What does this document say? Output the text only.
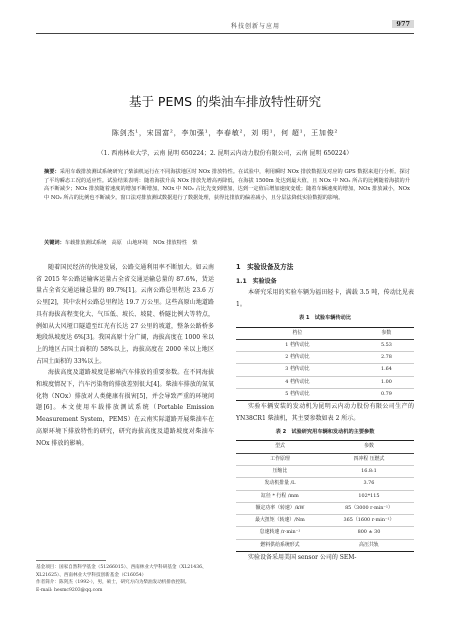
科技创新与应用	977
基于 PEMS 的柴油车排放特性研究
陈剑杰¹，宋国富²，李加强¹，李春敏²，刘 明¹，何 超¹，王加俊²
（1. 西南林业大学，云南 昆明 650224；2. 昆明云内动力股份有限公司，云南 昆明 650224）
摘要：采用车载排放测试系统研究了柴油机运行在不同海拔地区时 NOx 排放特性。在试验中，利用瞬时 NOx 排放数据及对应的 GPS 数据来进行分析。探讨了平均瞬态工况的适应性。试验结果表明：随着海拔升高 NOx 排放先增高再降低，在海拔 1500m 处达到最大值，且 NOx 中 NO₂ 所占的比例随着海拔的升高不断减少；NOx 排放随着速度的增加不断增加，NOx 中 NO₂ 占比先变到增加，达到一定值后增加速度变缓；随着车辆速度的增加，NOx 排放减小，NOx 中 NO₂ 所占的比例也不断减少。窗口法对排放测试数据进行了数据处理，获得比排放的偏差减小，且分层法降低实验数据的影响。
关键词：车载排放测试系统　高原　山地环境　NOx 排放特性　柴

随着国民经济的快速发展，公路交通利用率不断加大。如云南省 2015 年公路运输客运量占全省交通运输总量的 87.6%，货运量占全省交通运输总量的 89.7%[1]。云南公路总里程达 23.6 万公里[2]，其中农村公路总里程达 19.7 万公里。这些高原山地道路具有海拔高程变化大、气压低、坡长、坡陡、桥隧比例大等特点，例如从大风垭口隧道至红光有长达 27 公里的坡道，整条公路桥多地段纵坡度达 6%[3]。我国高原十分广阔，海拔高度在 1000 米以上的地区占国土面积的 58%以上，海拔高度在 2000 米以上地区占国土面积的 33%以上。

海拔高度及道路坡度是影响汽车排放的重要参数。在不同海拔和坡度情况下，汽车污染物的排放差别很大[4]。柴油车排放的氮氧化物（NOx）排放对人类健康有损害[5]，并会导致严重的环境问题[6]。本文使用车载排放测试系统（Portable Emission Measurement System，PEMS）在云南实际道路开展柴油车在高原环境下排放特性的研究，研究海拔高度及道路坡度对柴油车 NOx 排放的影响。

基金项目：国家自然科学基金（51266015）、西南林业大学科研基金（XL21436、XL21625）、西南林业大学科技创新基金（C16054）
作者简介：陈剑杰（1992-），男，硕士，研究方向为柴油发动机排放控制。
E-mail: hesmc9203@qq.com
1　实验设备及方法
1.1　实验设备
本研究采用的实验车辆为福田轻卡，满载 3.5 吨，传动比见表 1。
表 1　试验车辆传动比
档位	参数
1 档传动比	5.53
2 档传动比	2.78
3 档传动比	1.64
4 档传动比	1.00
5 档传动比	0.79
实验车辆安装的发动机为昆明云内动力股份有限公司生产的 YN38CR1 柴油机，其主要参数如表 2 所示。
表 2　试验研究用车辆和发动机的主要参数
型式	参数
工作原理	四冲程 压燃式
压缩比	16.8:1
发动机排量 /L	3.76
缸径 * 行程 /mm	102*115
额定功率（转速）/kW	85（3000 r·min⁻¹）
最大扭矩（转速）/Nm	365（1600 r·min⁻¹）
怠速转速 /r·min⁻¹	800 ± 30
燃料供给系统形式	高压共轨
实验设备采用美国 sensor 公司的 SEM-
